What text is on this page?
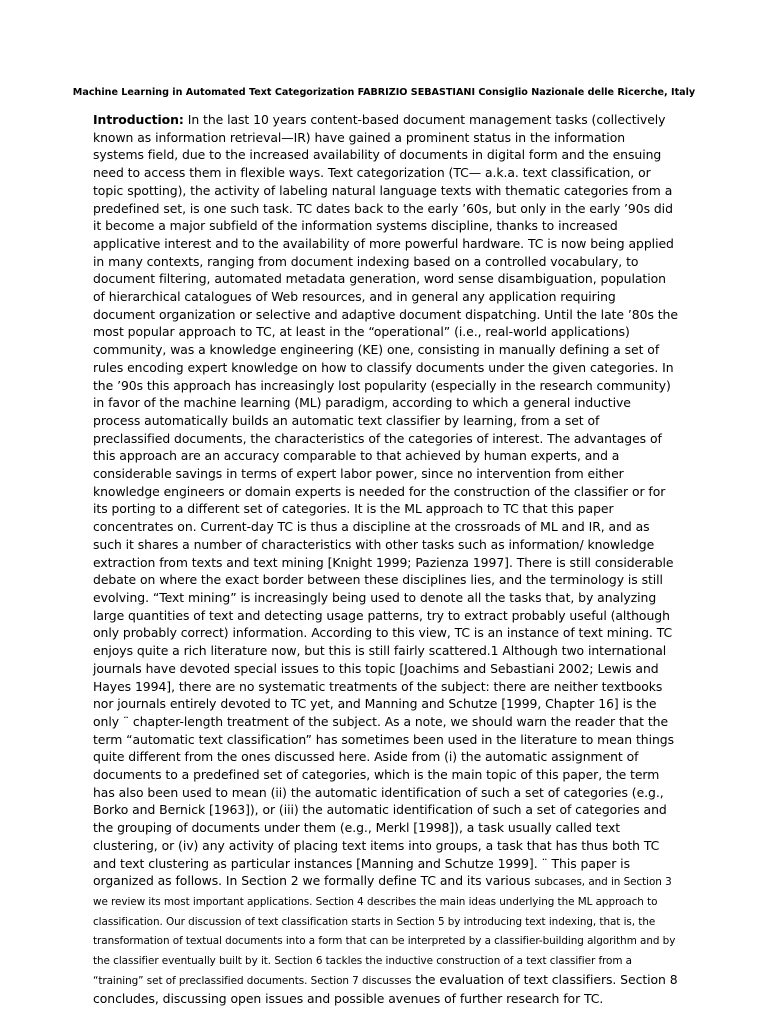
Machine Learning in Automated Text Categorization FABRIZIO SEBASTIANI Consiglio Nazionale delle Ricerche, Italy

Introduction: In the last 10 years content-based document management tasks (collectively known as information retrieval—IR) have gained a prominent status in the information systems field, due to the increased availability of documents in digital form and the ensuing need to access them in flexible ways. Text categorization (TC— a.k.a. text classification, or topic spotting), the activity of labeling natural language texts with thematic categories from a predefined set, is one such task. TC dates back to the early ’60s, but only in the early ’90s did it become a major subfield of the information systems discipline, thanks to increased applicative interest and to the availability of more powerful hardware. TC is now being applied in many contexts, ranging from document indexing based on a controlled vocabulary, to document filtering, automated metadata generation, word sense disambiguation, population of hierarchical catalogues of Web resources, and in general any application requiring document organization or selective and adaptive document dispatching. Until the late ’80s the most popular approach to TC, at least in the “operational” (i.e., real-world applications) community, was a knowledge engineering (KE) one, consisting in manually defining a set of rules encoding expert knowledge on how to classify documents under the given categories. In the ’90s this approach has increasingly lost popularity (especially in the research community) in favor of the machine learning (ML) paradigm, according to which a general inductive process automatically builds an automatic text classifier by learning, from a set of preclassified documents, the characteristics of the categories of interest. The advantages of this approach are an accuracy comparable to that achieved by human experts, and a considerable savings in terms of expert labor power, since no intervention from either knowledge engineers or domain experts is needed for the construction of the classifier or for its porting to a different set of categories. It is the ML approach to TC that this paper concentrates on. Current-day TC is thus a discipline at the crossroads of ML and IR, and as such it shares a number of characteristics with other tasks such as information/ knowledge extraction from texts and text mining [Knight 1999; Pazienza 1997]. There is still considerable debate on where the exact border between these disciplines lies, and the terminology is still evolving. “Text mining” is increasingly being used to denote all the tasks that, by analyzing large quantities of text and detecting usage patterns, try to extract probably useful (although only probably correct) information. According to this view, TC is an instance of text mining. TC enjoys quite a rich literature now, but this is still fairly scattered.1 Although two international journals have devoted special issues to this topic [Joachims and Sebastiani 2002; Lewis and Hayes 1994], there are no systematic treatments of the subject: there are neither textbooks nor journals entirely devoted to TC yet, and Manning and Schutze [1999, Chapter 16] is the only ¨ chapter-length treatment of the subject. As a note, we should warn the reader that the term “automatic text classification” has sometimes been used in the literature to mean things quite different from the ones discussed here. Aside from (i) the automatic assignment of documents to a predefined set of categories, which is the main topic of this paper, the term has also been used to mean (ii) the automatic identification of such a set of categories (e.g., Borko and Bernick [1963]), or (iii) the automatic identification of such a set of categories and the grouping of documents under them (e.g., Merkl [1998]), a task usually called text clustering, or (iv) any activity of placing text items into groups, a task that has thus both TC and text clustering as particular instances [Manning and Schutze 1999]. ¨ This paper is organized as follows. In Section 2 we formally define TC and its various subcases, and in Section 3 we review its most important applications. Section 4 describes the main ideas underlying the ML approach to classification. Our discussion of text classification starts in Section 5 by introducing text indexing, that is, the transformation of textual documents into a form that can be interpreted by a classifier-building algorithm and by the classifier eventually built by it. Section 6 tackles the inductive construction of a text classifier from a “training” set of preclassified documents. Section 7 discusses the evaluation of text classifiers. Section 8 concludes, discussing open issues and possible avenues of further research for TC.
